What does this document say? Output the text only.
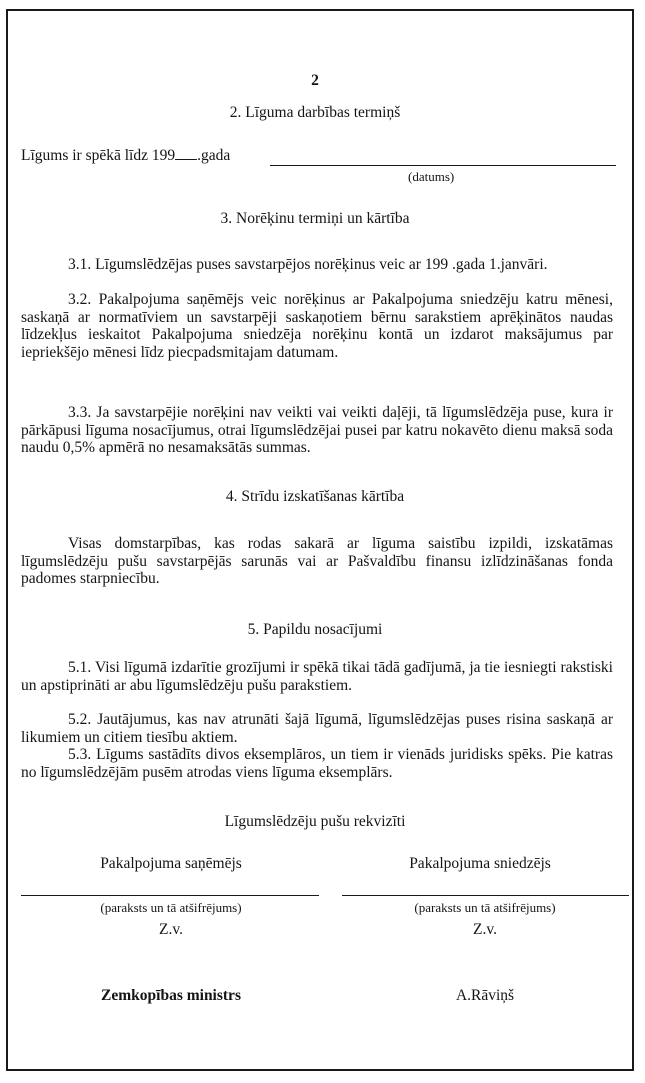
2
2. Līguma darbības termiņš
Līgums ir spēkā līdz 199 .gada
(datums)
3. Norēķinu termiņi un kārtība
3.1. Līgumslēdzējas puses savstarpējos norēķinus veic ar 199 .gada 1.janvāri.
3.2. Pakalpojuma saņēmējs veic norēķinus ar Pakalpojuma sniedzēju katru mēnesi, saskaņā ar normatīviem un savstarpēji saskaņotiem bērnu sarakstiem aprēķinātos naudas līdzekļus ieskaitot Pakalpojuma sniedzēja norēķinu kontā un izdarot maksājumus par iepriekšējo mēnesi līdz piecpadsmitajam datumam.
3.3. Ja savstarpējie norēķini nav veikti vai veikti daļēji, tā līgumslēdzēja puse, kura ir pārkāpusi līguma nosacījumus, otrai līgumslēdzējai pusei par katru nokavēto dienu maksā soda naudu 0,5% apmērā no nesamaksātās summas.
4. Strīdu izskatīšanas kārtība
Visas domstarpības, kas rodas sakarā ar līguma saistību izpildi, izskatāmas līgumslēdzēju pušu savstarpējās sarunās vai ar Pašvaldību finansu izlīdzināšanas fonda padomes starpniecību.
5. Papildu nosacījumi
5.1. Visi līgumā izdarītie grozījumi ir spēkā tikai tādā gadījumā, ja tie iesniegti rakstiski un apstiprināti ar abu līgumslēdzēju pušu parakstiem.
5.2. Jautājumus, kas nav atrunāti šajā līgumā, līgumslēdzējas puses risina saskaņā ar likumiem un citiem tiesību aktiem.
5.3. Līgums sastādīts divos eksemplāros, un tiem ir vienāds juridisks spēks. Pie katras no līgumslēdzējām pusēm atrodas viens līguma eksemplārs.
Līgumslēdzēju pušu rekvizīti
Pakalpojuma saņēmējs	Pakalpojuma sniedzējs
(paraksts un tā atšifrējums)	(paraksts un tā atšifrējums)
Z.v.	Z.v.
Zemkopības ministrs	A.Rāviņš
